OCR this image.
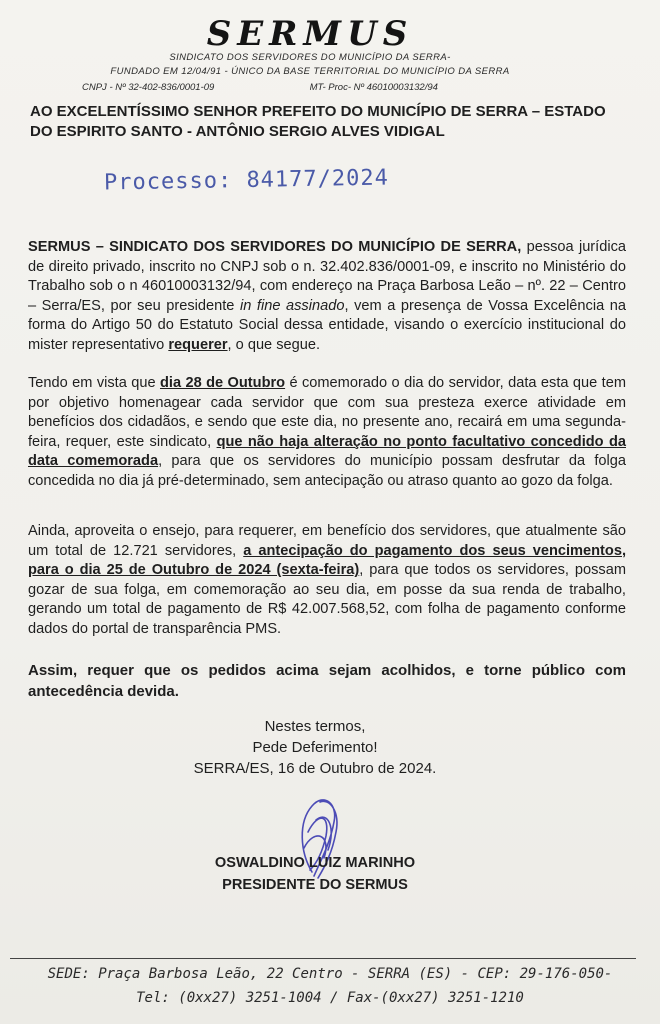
SERMUS
SINDICATO DOS SERVIDORES DO MUNICÍPIO DA SERRA-
FUNDADO EM 12/04/91 - ÚNICO DA BASE TERRITORIAL DO MUNICÍPIO DA SERRA
CNPJ - Nº 32-402-836/0001-09	MT- Proc- Nº 46010003132/94
AO EXCELENTÍSSIMO SENHOR PREFEITO DO MUNICÍPIO DE SERRA – ESTADO DO ESPIRITO SANTO - ANTÔNIO SERGIO ALVES VIDIGAL
Processo: 84177/2024
SERMUS – SINDICATO DOS SERVIDORES DO MUNICÍPIO DE SERRA, pessoa jurídica de direito privado, inscrito no CNPJ sob o n. 32.402.836/0001-09, e inscrito no Ministério do Trabalho sob o n 46010003132/94, com endereço na Praça Barbosa Leão – nº. 22 – Centro – Serra/ES, por seu presidente in fine assinado, vem a presença de Vossa Excelência na forma do Artigo 50 do Estatuto Social dessa entidade, visando o exercício institucional do mister representativo requerer, o que segue.
Tendo em vista que dia 28 de Outubro é comemorado o dia do servidor, data esta que tem por objetivo homenagear cada servidor que com sua presteza exerce atividade em benefícios dos cidadãos, e sendo que este dia, no presente ano, recairá em uma segunda-feira, requer, este sindicato, que não haja alteração no ponto facultativo concedido da data comemorada, para que os servidores do município possam desfrutar da folga concedida no dia já pré-determinado, sem antecipação ou atraso quanto ao gozo da folga.
Ainda, aproveita o ensejo, para requerer, em benefício dos servidores, que atualmente são um total de 12.721 servidores, a antecipação do pagamento dos seus vencimentos, para o dia 25 de Outubro de 2024 (sexta-feira), para que todos os servidores, possam gozar de sua folga, em comemoração ao seu dia, em posse da sua renda de trabalho, gerando um total de pagamento de R$ 42.007.568,52, com folha de pagamento conforme dados do portal de transparência PMS.
Assim, requer que os pedidos acima sejam acolhidos, e torne público com antecedência devida.
Nestes termos,
Pede Deferimento!
SERRA/ES, 16 de Outubro de 2024.
OSWALDINO LUIZ MARINHO
PRESIDENTE DO SERMUS
SEDE: Praça Barbosa Leão, 22 Centro - SERRA (ES) - CEP: 29-176-050-
Tel: (0xx27) 3251-1004 / Fax-(0xx27) 3251-1210
